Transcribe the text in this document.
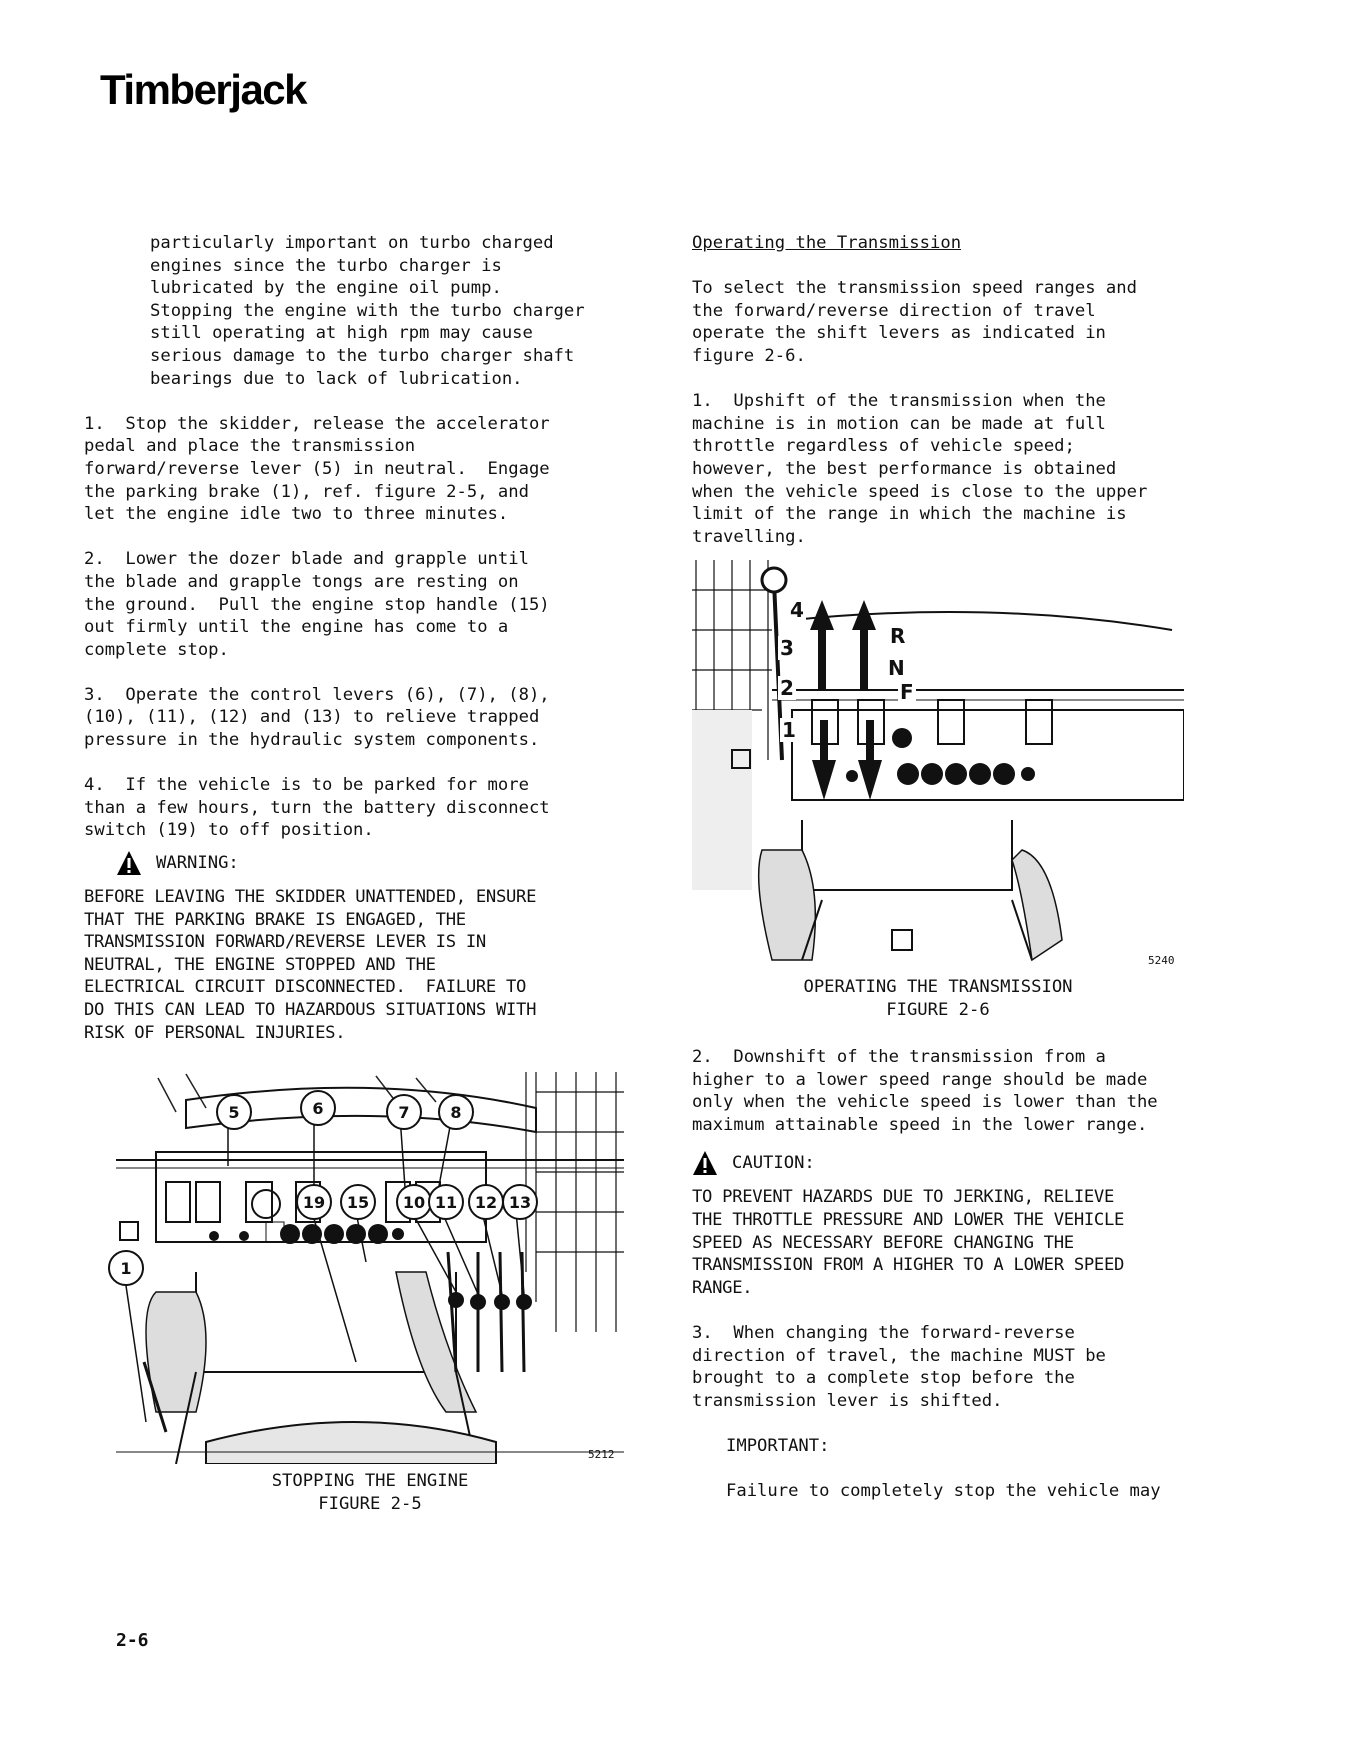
Timberjack

particularly important on turbo charged

engines since the turbo charger is

lubricated by the engine oil pump.

Stopping the engine with the turbo charger

still operating at high rpm may cause

serious damage to the turbo charger shaft

bearings due to lack of lubrication.

1.  Stop the skidder, release the accelerator

pedal and place the transmission

forward/reverse lever (5) in neutral.  Engage

the parking brake (1), ref. figure 2-5, and

let the engine idle two to three minutes.

2.  Lower the dozer blade and grapple until

the blade and grapple tongs are resting on

the ground.  Pull the engine stop handle (15)

out firmly until the engine has come to a

complete stop.

3.  Operate the control levers (6), (7), (8),

(10), (11), (12) and (13) to relieve trapped

pressure in the hydraulic system components.

4.  If the vehicle is to be parked for more

than a few hours, turn the battery disconnect

switch (19) to off position.

WARNING:

BEFORE LEAVING THE SKIDDER UNATTENDED, ENSURE

THAT THE PARKING BRAKE IS ENGAGED, THE

TRANSMISSION FORWARD/REVERSE LEVER IS IN

NEUTRAL, THE ENGINE STOPPED AND THE

ELECTRICAL CIRCUIT DISCONNECTED.  FAILURE TO

DO THIS CAN LEAD TO HAZARDOUS SITUATIONS WITH

RISK OF PERSONAL INJURIES.

5212
5	6	7	8
19	15	10 11	12 13
1
STOPPING THE ENGINE
FIGURE 2-5

Operating the Transmission

To select the transmission speed ranges and

the forward/reverse direction of travel

operate the shift levers as indicated in

figure 2-6.

1.  Upshift of the transmission when the

machine is in motion can be made at full

throttle regardless of vehicle speed;

however, the best performance is obtained

when the vehicle speed is close to the upper

limit of the range in which the machine is

travelling.

5240
4
3
2
1
R
N
F
OPERATING THE TRANSMISSION
FIGURE 2-6

2.  Downshift of the transmission from a

higher to a lower speed range should be made

only when the vehicle speed is lower than the

maximum attainable speed in the lower range.

CAUTION:

TO PREVENT HAZARDS DUE TO JERKING, RELIEVE

THE THROTTLE PRESSURE AND LOWER THE VEHICLE

SPEED AS NECESSARY BEFORE CHANGING THE

TRANSMISSION FROM A HIGHER TO A LOWER SPEED

RANGE.

3.  When changing the forward-reverse

direction of travel, the machine MUST be

brought to a complete stop before the

transmission lever is shifted.

IMPORTANT:

Failure to completely stop the vehicle may

2-6
